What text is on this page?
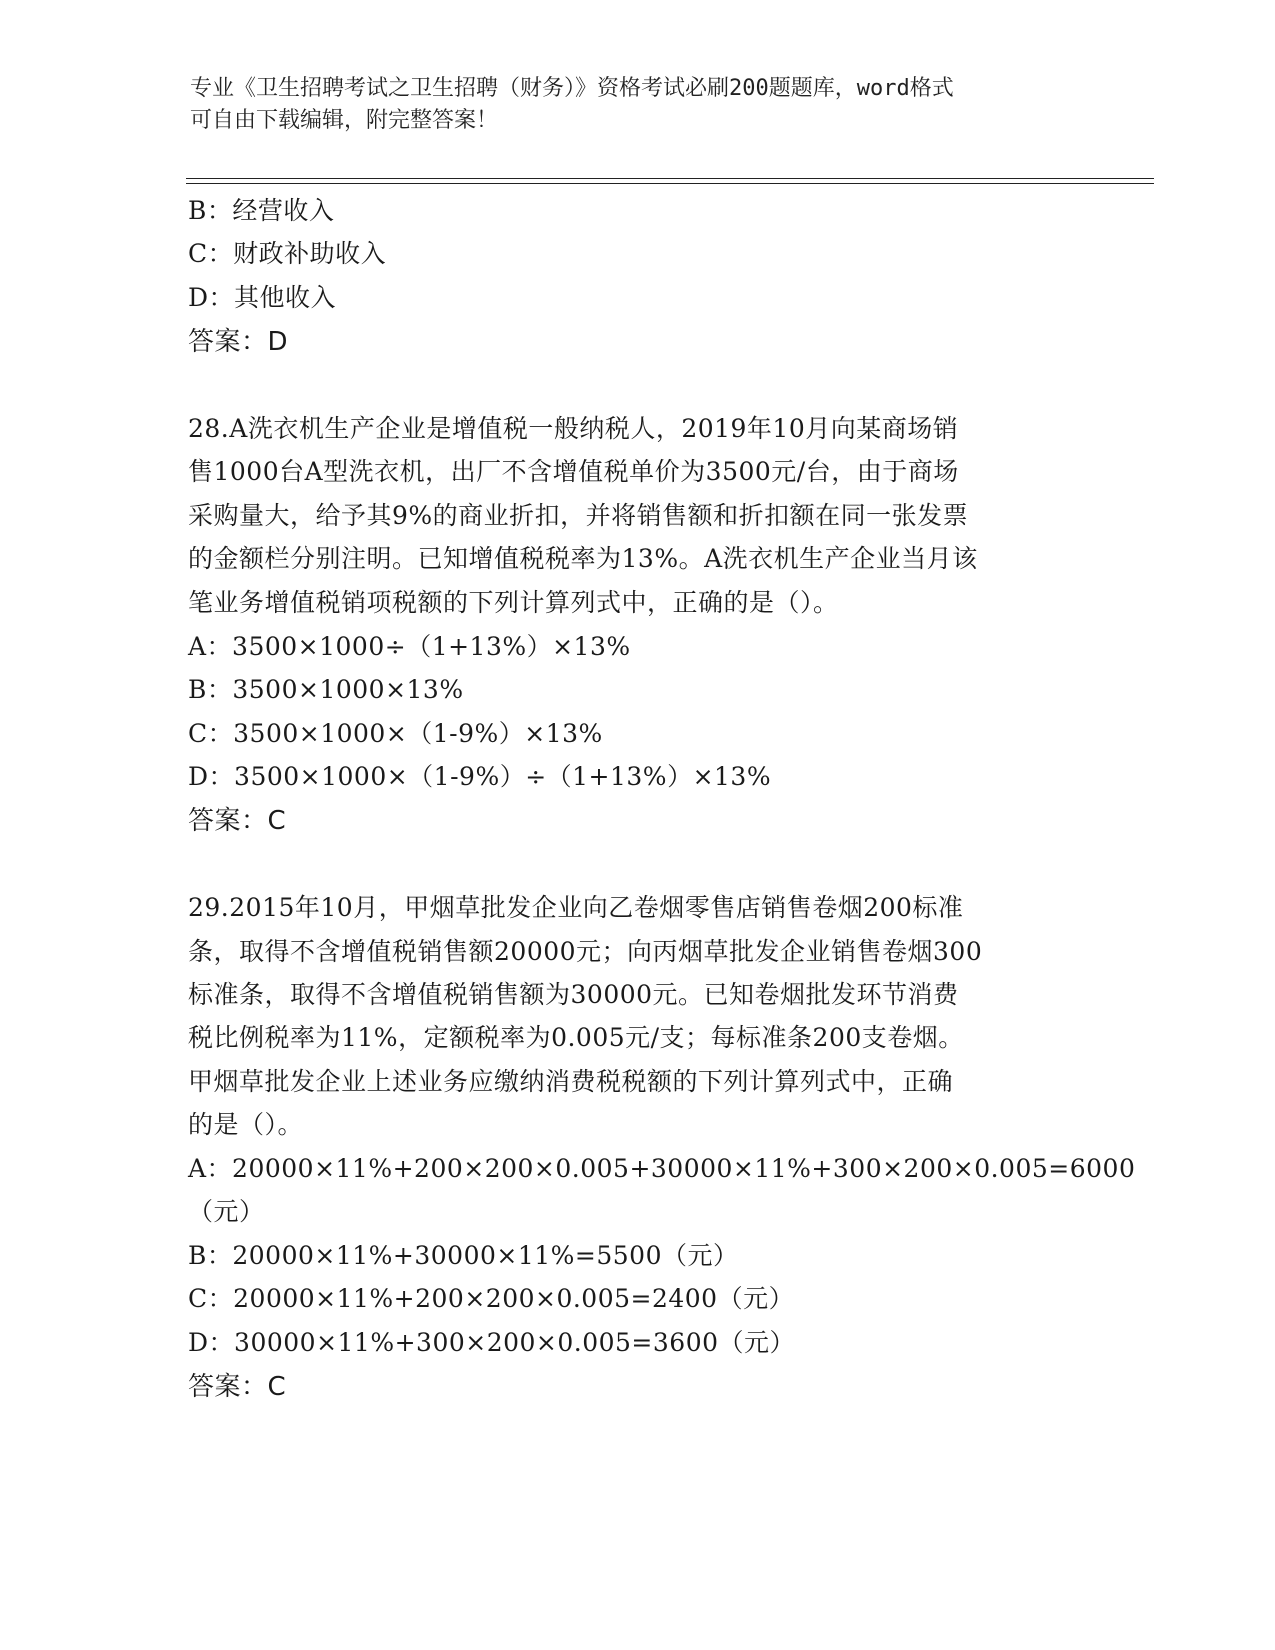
专业《卫生招聘考试之卫生招聘（财务）》资格考试必刷200题题库，word格式
可自由下载编辑，附完整答案！
B：经营收入
C：财政补助收入
D：其他收入
答案：D
28.A洗衣机生产企业是增值税一般纳税人，2019年10月向某商场销
售1000台A型洗衣机，出厂不含增值税单价为3500元/台，由于商场
采购量大，给予其9%的商业折扣，并将销售额和折扣额在同一张发票
的金额栏分别注明。已知增值税税率为13%。A洗衣机生产企业当月该
笔业务增值税销项税额的下列计算列式中，正确的是（）。
A：3500×1000÷（1+13%）×13%
B：3500×1000×13%
C：3500×1000×（1-9%）×13%
D：3500×1000×（1-9%）÷（1+13%）×13%
答案：C
29.2015年10月，甲烟草批发企业向乙卷烟零售店销售卷烟200标准
条，取得不含增值税销售额20000元；向丙烟草批发企业销售卷烟300
标准条，取得不含增值税销售额为30000元。已知卷烟批发环节消费
税比例税率为11%，定额税率为0.005元/支；每标准条200支卷烟。
甲烟草批发企业上述业务应缴纳消费税税额的下列计算列式中，正确
的是（）。
A：20000×11%+200×200×0.005+30000×11%+300×200×0.005=6000
（元）
B：20000×11%+30000×11%=5500（元）
C：20000×11%+200×200×0.005=2400（元）
D：30000×11%+300×200×0.005=3600（元）
答案：C
